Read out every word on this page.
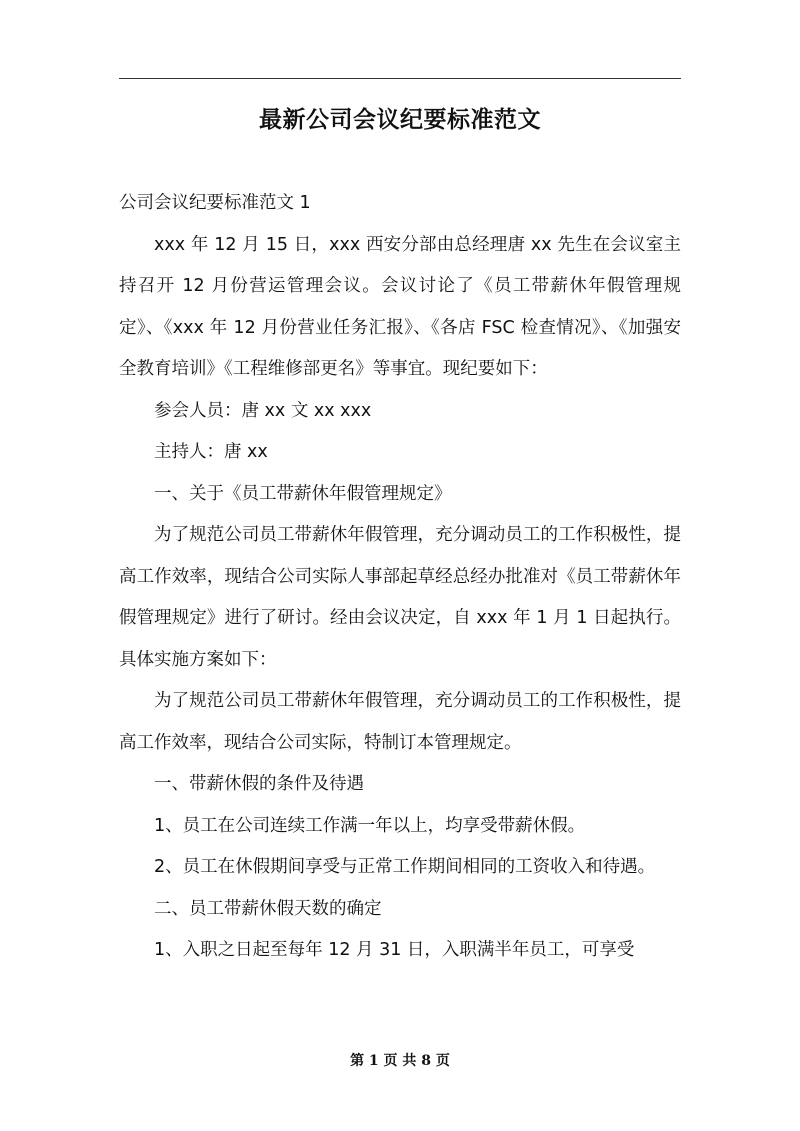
最新公司会议纪要标准范文

公司会议纪要标准范文 1

xxx 年 12 月 15 日，xxx 西安分部由总经理唐 xx 先生在会议室主持召开 12 月份营运管理会议。会议讨论了《员工带薪休年假管理规定》、《xxx 年 12 月份营业任务汇报》、《各店 FSC 检查情况》、《加强安全教育培训》《工程维修部更名》等事宜。现纪要如下：

参会人员：唐 xx 文 xx xxx

主持人：唐 xx

一、关于《员工带薪休年假管理规定》

为了规范公司员工带薪休年假管理，充分调动员工的工作积极性，提高工作效率，现结合公司实际人事部起草经总经办批准对《员工带薪休年假管理规定》进行了研讨。经由会议决定，自 xxx 年 1 月 1 日起执行。具体实施方案如下：

为了规范公司员工带薪休年假管理，充分调动员工的工作积极性，提高工作效率，现结合公司实际，特制订本管理规定。

一、带薪休假的条件及待遇

1、员工在公司连续工作满一年以上，均享受带薪休假。

2、员工在休假期间享受与正常工作期间相同的工资收入和待遇。

二、员工带薪休假天数的确定

1、入职之日起至每年 12 月 31 日，入职满半年员工，可享受

第 1 页 共 8 页
